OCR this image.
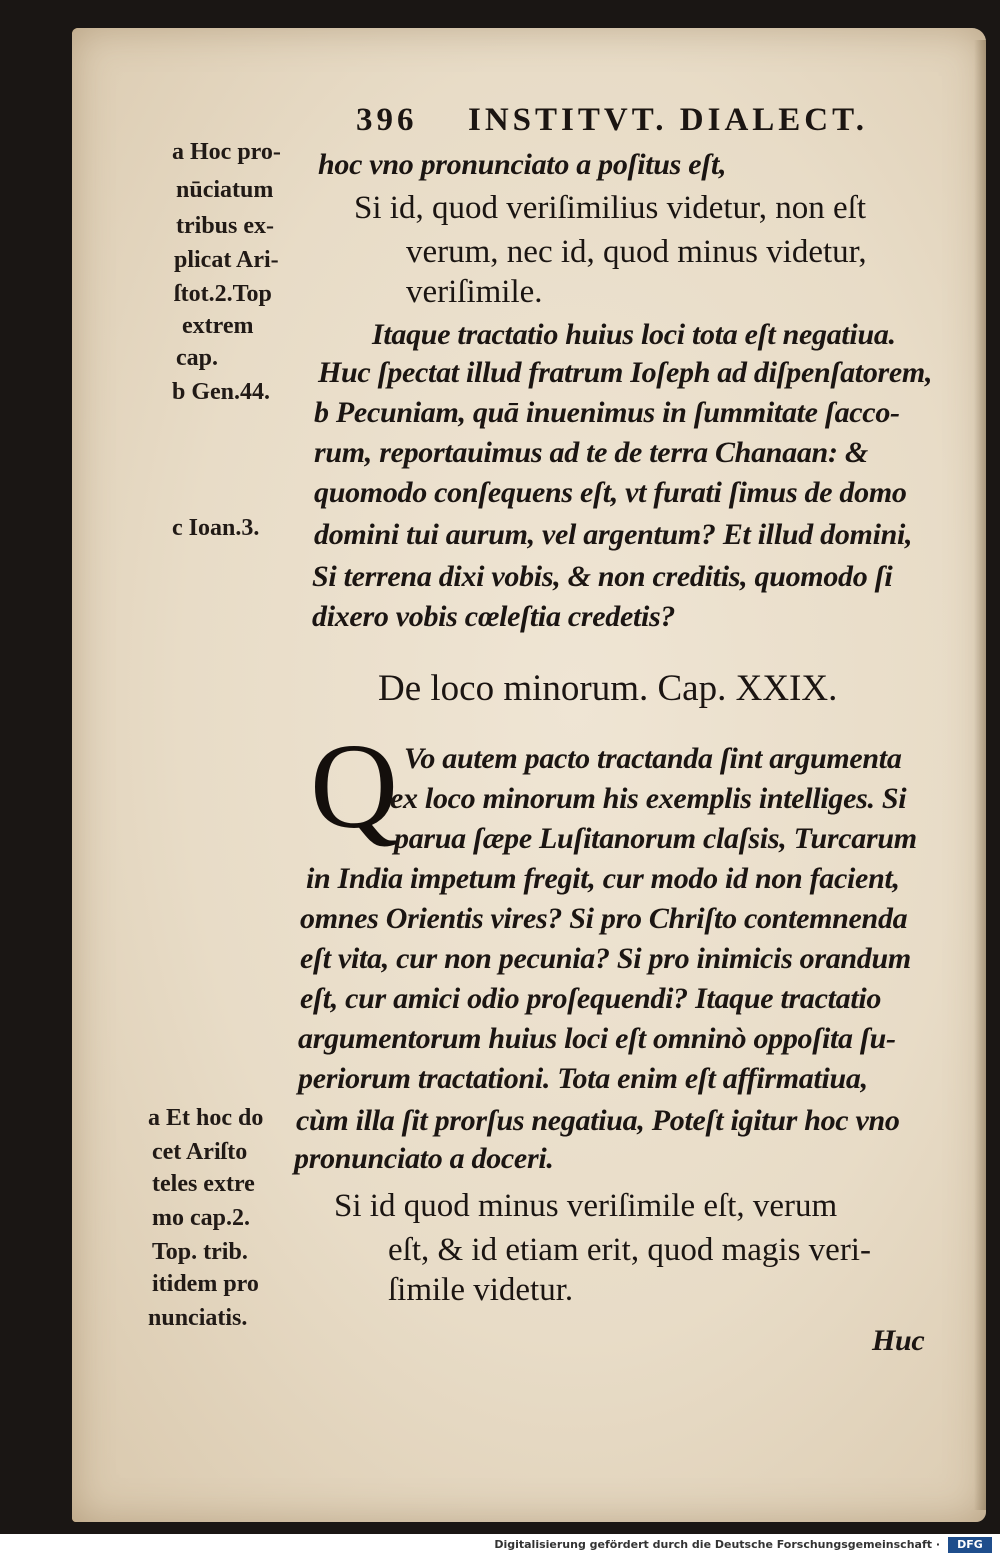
396 INSTITVT. DIALECT.
a Hoc pro-
nūciatum
tribus ex-
plicat Ari-
ſtot.2.Top
extrem
cap.
b Gen.44.
c Ioan.3.
a Et hoc do
cet Ariſto
teles extre
mo cap.2.
Top. trib.
itidem pro
nunciatis.
hoc vno pronunciato a poſitus eſt,
Si id, quod veriſimilius videtur, non eſt
verum, nec id, quod minus videtur,
veriſimile.
Itaque tractatio huius loci tota eſt negatiua.
Huc ſpectat illud fratrum Ioſeph ad diſpenſatorem,
b Pecuniam, quā inuenimus in ſummitate ſacco-
rum, reportauimus ad te de terra Chanaan: &
quomodo conſequens eſt, vt furati ſimus de domo
domini tui aurum, vel argentum? Et illud domini,
Si terrena dixi vobis, & non creditis, quomodo ſi
dixero vobis cœleſtia credetis?
De loco minorum. Cap. XXIX.
Q Vo autem pacto tractanda ſint argumenta
ex loco minorum his exemplis intelliges. Si
parua ſæpe Luſitanorum claſsis, Turcarum
in India impetum fregit, cur modo id non facient,
omnes Orientis vires? Si pro Chriſto contemnenda
eſt vita, cur non pecunia? Si pro inimicis orandum
eſt, cur amici odio proſequendi? Itaque tractatio
argumentorum huius loci eſt omninò oppoſita ſu-
periorum tractationi. Tota enim eſt affirmatiua,
cùm illa ſit prorſus negatiua, Poteſt igitur hoc vno
pronunciato a doceri.
Si id quod minus veriſimile eſt, verum
eſt, & id etiam erit, quod magis veri-
ſimile videtur.
Huc
Digitalisierung gefördert durch die Deutsche Forschungsgemeinschaft ·	DFG
